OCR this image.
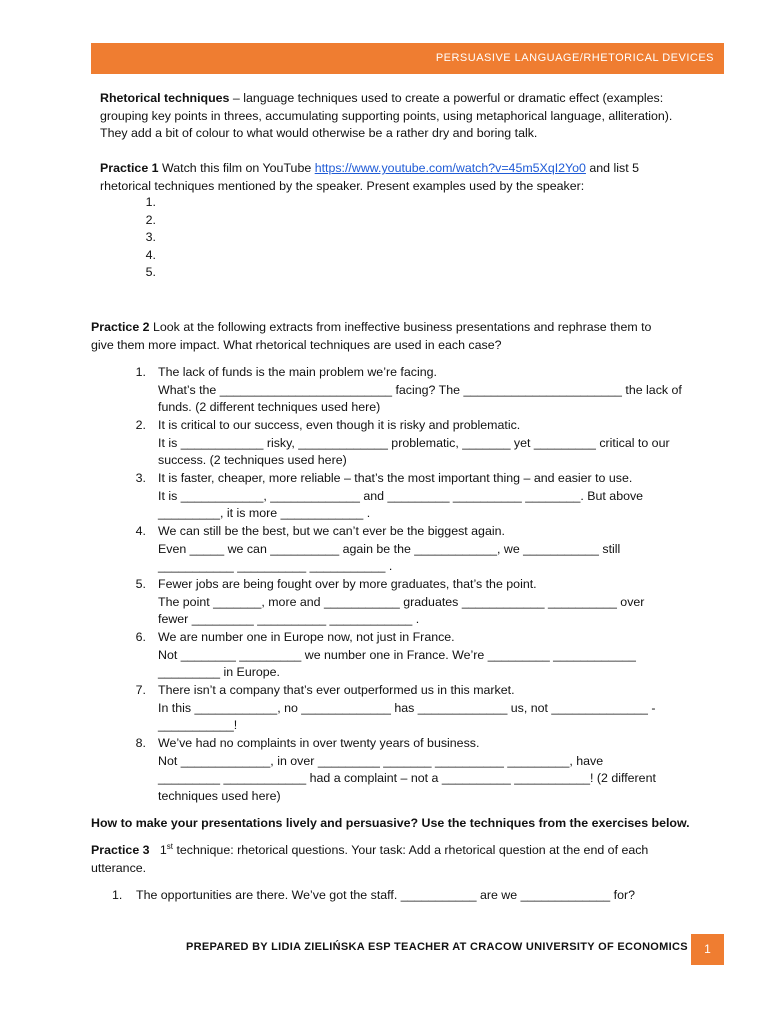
PERSUASIVE LANGUAGE/RHETORICAL DEVICES
Rhetorical techniques – language techniques used to create a powerful or dramatic effect (examples:
grouping key points in threes, accumulating supporting points, using metaphorical language, alliteration).
They add a bit of colour to what would otherwise be a rather dry and boring talk.
Practice 1 Watch this film on YouTube https://www.youtube.com/watch?v=45m5XqI2Yo0 and list 5
rhetorical techniques mentioned by the speaker. Present examples used by the speaker:
1.
2.
3.
4.
5.
Practice 2 Look at the following extracts from ineffective business presentations and rephrase them to
give them more impact. What rhetorical techniques are used in each case?
1. The lack of funds is the main problem we’re facing.
What’s the _________________________ facing? The _______________________ the lack of
funds. (2 different techniques used here)
2. It is critical to our success, even though it is risky and problematic.
It is ____________ risky, _____________ problematic, _______ yet _________ critical to our
success. (2 techniques used here)
3. It is faster, cheaper, more reliable – that’s the most important thing – and easier to use.
It is ____________, _____________ and _________ __________ ________. But above
_________, it is more ____________ .
4. We can still be the best, but we can’t ever be the biggest again.
Even _____ we can __________ again be the ____________, we ___________ still
___________ __________ ___________ .
5. Fewer jobs are being fought over by more graduates, that’s the point.
The point _______, more and ___________ graduates ____________ __________ over
fewer _________ __________ ____________ .
6. We are number one in Europe now, not just in France.
Not ________ _________ we number one in France. We’re _________ ____________
_________ in Europe.
7. There isn’t a company that’s ever outperformed us in this market.
In this ____________, no _____________ has _____________ us, not ______________ -
___________!
8. We’ve had no complaints in over twenty years of business.
Not _____________, in over _________ _______ __________ _________, have
_________ ____________ had a complaint – not a __________ ___________! (2 different
techniques used here)
How to make your presentations lively and persuasive? Use the techniques from the exercises below.
Practice 3 1st technique: rhetorical questions. Your task: Add a rhetorical question at the end of each
utterance.
1. The opportunities are there. We’ve got the staff. ___________ are we _____________ for?
PREPARED BY LIDIA ZIELIŃSKA ESP TEACHER AT CRACOW UNIVERSITY OF ECONOMICS	1
